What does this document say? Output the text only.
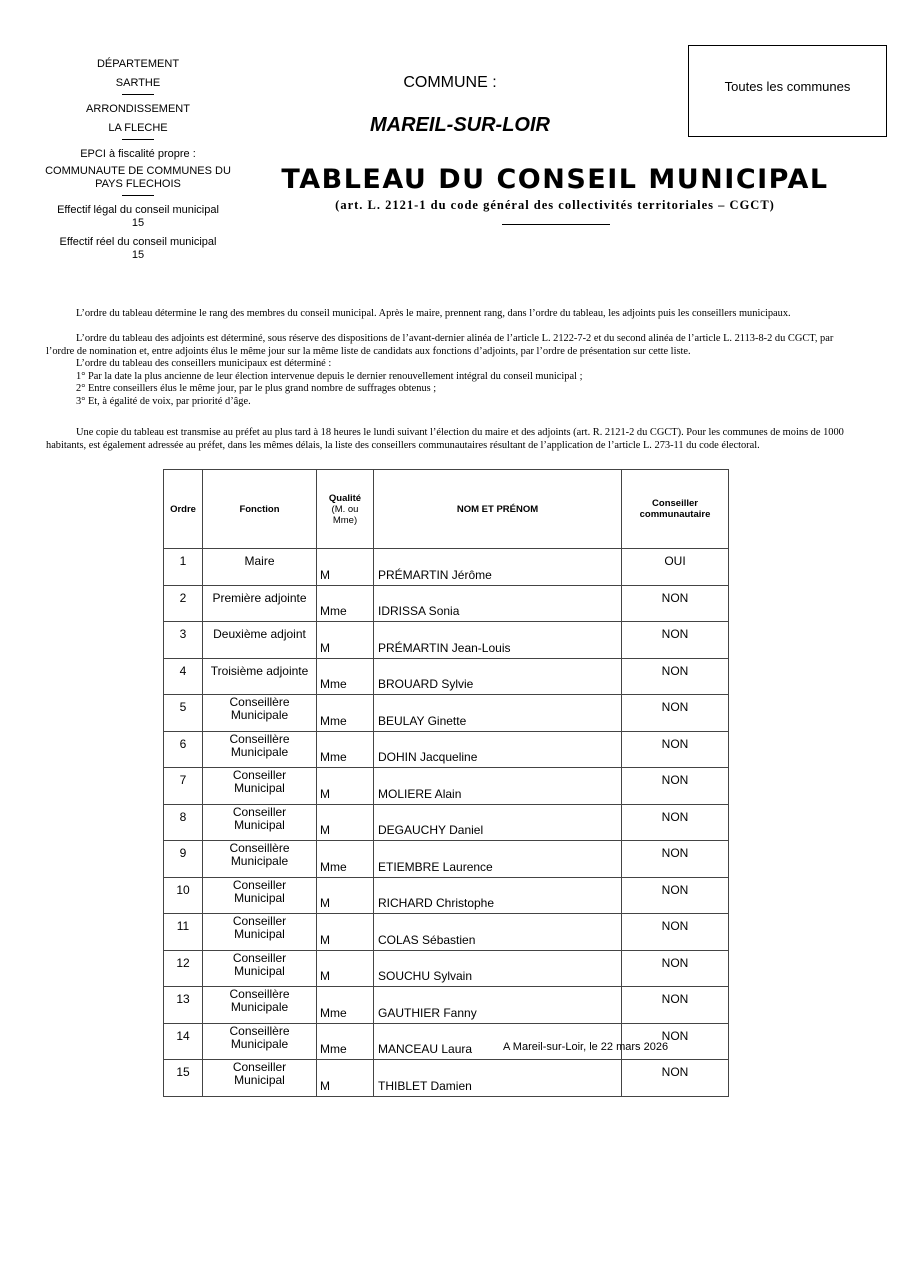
DÉPARTEMENT

SARTHE

ARRONDISSEMENT

LA FLECHE

EPCI à fiscalité propre :

COMMUNAUTE DE COMMUNES DU

PAYS FLECHOIS

Effectif légal du conseil municipal

15

Effectif réel du conseil municipal

15

COMMUNE :
MAREIL-SUR-LOIR
Toutes les communes
TABLEAU DU CONSEIL MUNICIPAL
(art. L. 2121-1 du code général des collectivités territoriales – CGCT)

L’ordre du tableau détermine le rang des membres du conseil municipal. Après le maire, prennent rang, dans l’ordre du tableau, les adjoints puis les conseillers municipaux.

L’ordre du tableau des adjoints est déterminé, sous réserve des dispositions de l’avant-dernier alinéa de l’article L. 2122-7-2 et du second alinéa de l’article L. 2113-8-2 du CGCT, par l’ordre de nomination et, entre adjoints élus le même jour sur la même liste de candidats aux fonctions d’adjoints, par l’ordre de présentation sur cette liste.

L’ordre du tableau des conseillers municipaux est déterminé :

1° Par la date la plus ancienne de leur élection intervenue depuis le dernier renouvellement intégral du conseil municipal ;

2° Entre conseillers élus le même jour, par le plus grand nombre de suffrages obtenus ;

3° Et, à égalité de voix, par priorité d’âge.

Une copie du tableau est transmise au préfet au plus tard à 18 heures le lundi suivant l’élection du maire et des adjoints (art. R. 2121-2 du CGCT). Pour les communes de moins de 1000 habitants, est également adressée au préfet, dans les mêmes délais, la liste des conseillers communautaires résultant de l’application de l’article L. 273-11 du code électoral.

Ordre	Fonction	Qualité
(M. ou
Mme)	NOM ET PRÉNOM	Conseiller
communautaire
1	Maire	M	PRÉMARTIN Jérôme	OUI
2	Première adjointe	Mme	IDRISSA Sonia	NON
3	Deuxième adjoint	M	PRÉMARTIN Jean-Louis	NON
4	Troisième adjointe	Mme	BROUARD Sylvie	NON
5	Conseillère
Municipale	Mme	BEULAY Ginette	NON
6	Conseillère
Municipale	Mme	DOHIN Jacqueline	NON
7	Conseiller
Municipal	M	MOLIERE Alain	NON
8	Conseiller
Municipal	M	DEGAUCHY Daniel	NON
9	Conseillère
Municipale	Mme	ETIEMBRE Laurence	NON
10	Conseiller
Municipal	M	RICHARD Christophe	NON
11	Conseiller
Municipal	M	COLAS Sébastien	NON
12	Conseiller
Municipal	M	SOUCHU Sylvain	NON
13	Conseillère
Municipale	Mme	GAUTHIER Fanny	NON
14	Conseillère
Municipale	Mme	MANCEAU Laura	NON
15	Conseiller
Municipal	M	THIBLET Damien	NON
A Mareil-sur-Loir, le 22 mars 2026
